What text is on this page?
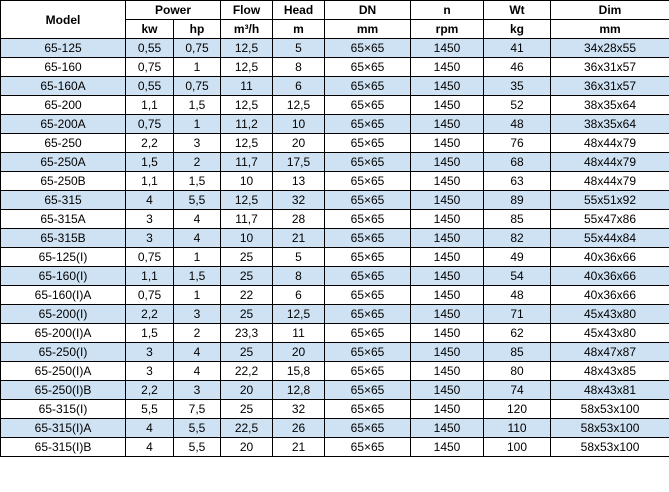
Model	Power		Flow	Head	DN	n	Wt	Dim
	kw	hp	m³/h	m	mm	rpm	kg	mm
65-125	0,55	0,75	12,5	5	65×65	1450	41	34x28x55
65-160	0,75	1	12,5	8	65×65	1450	46	36x31x57
65-160A	0,55	0,75	11	6	65×65	1450	35	36x31x57
65-200	1,1	1,5	12,5	12,5	65×65	1450	52	38x35x64
65-200A	0,75	1	11,2	10	65×65	1450	48	38x35x64
65-250	2,2	3	12,5	20	65×65	1450	76	48x44x79
65-250A	1,5	2	11,7	17,5	65×65	1450	68	48x44x79
65-250B	1,1	1,5	10	13	65×65	1450	63	48x44x79
65-315	4	5,5	12,5	32	65×65	1450	89	55x51x92
65-315A	3	4	11,7	28	65×65	1450	85	55x47x86
65-315B	3	4	10	21	65×65	1450	82	55x44x84
65-125(I)	0,75	1	25	5	65×65	1450	49	40x36x66
65-160(I)	1,1	1,5	25	8	65×65	1450	54	40x36x66
65-160(I)A	0,75	1	22	6	65×65	1450	48	40x36x66
65-200(I)	2,2	3	25	12,5	65×65	1450	71	45x43x80
65-200(I)A	1,5	2	23,3	11	65×65	1450	62	45x43x80
65-250(I)	3	4	25	20	65×65	1450	85	48x47x87
65-250(I)A	3	4	22,2	15,8	65×65	1450	80	48x43x85
65-250(I)B	2,2	3	20	12,8	65×65	1450	74	48x43x81
65-315(I)	5,5	7,5	25	32	65×65	1450	120	58x53x100
65-315(I)A	4	5,5	22,5	26	65×65	1450	110	58x53x100
65-315(I)B	4	5,5	20	21	65×65	1450	100	58x53x100
